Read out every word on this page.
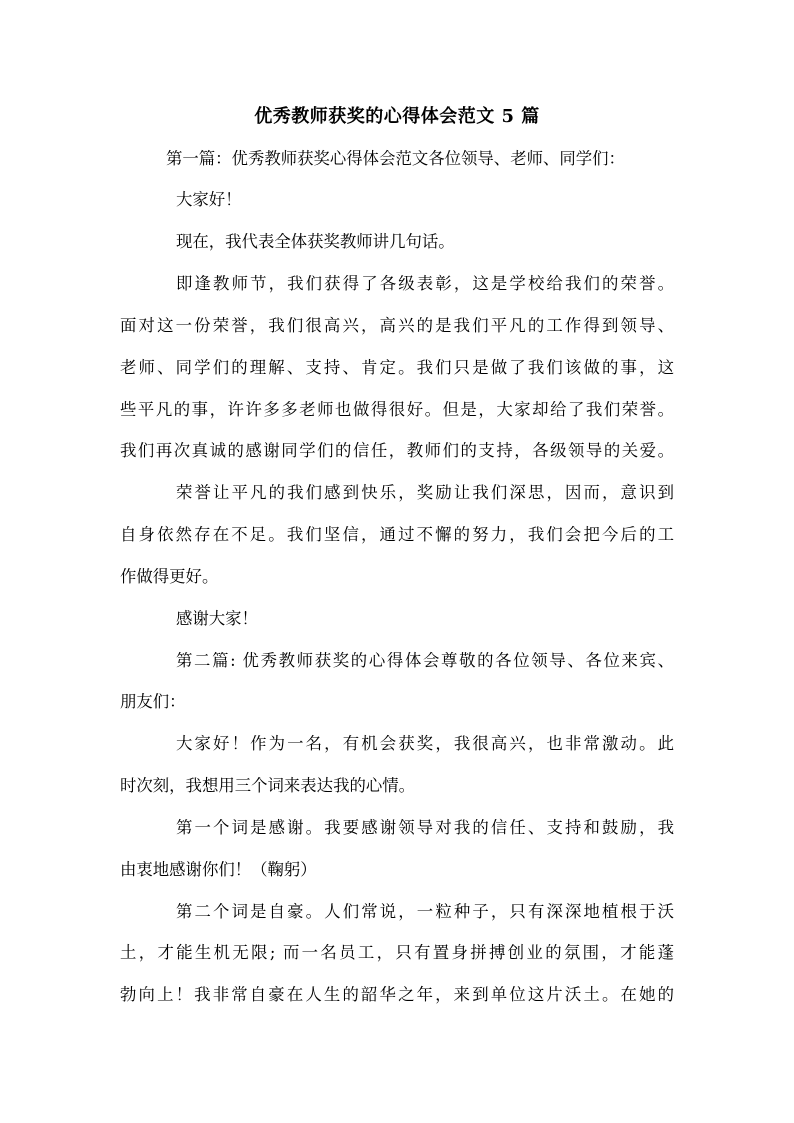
优秀教师获奖的心得体会范文 5 篇
第一篇：优秀教师获奖心得体会范文各位领导、老师、同学们：
大家好！
现在，我代表全体获奖教师讲几句话。
即逢教师节，我们获得了各级表彰，这是学校给我们的荣誉。
面对这一份荣誉，我们很高兴，高兴的是我们平凡的工作得到领导、
老师、同学们的理解、支持、肯定。我们只是做了我们该做的事，这
些平凡的事，许许多多老师也做得很好。但是，大家却给了我们荣誉。
我们再次真诚的感谢同学们的信任，教师们的支持，各级领导的关爱。
荣誉让平凡的我们感到快乐，奖励让我们深思，因而，意识到
自身依然存在不足。我们坚信，通过不懈的努力，我们会把今后的工
作做得更好。
感谢大家！
第二篇: 优秀教师获奖的心得体会尊敬的各位领导、各位来宾、
朋友们：
大家好！作为一名，有机会获奖，我很高兴，也非常激动。此
时次刻，我想用三个词来表达我的心情。
第一个词是感谢。我要感谢领导对我的信任、支持和鼓励，我
由衷地感谢你们！（鞠躬）
第二个词是自豪。人们常说，一粒种子，只有深深地植根于沃
土，才能生机无限; 而一名员工，只有置身拼搏创业的氛围，才能蓬
勃向上！我非常自豪在人生的韶华之年，来到单位这片沃土。在她的
